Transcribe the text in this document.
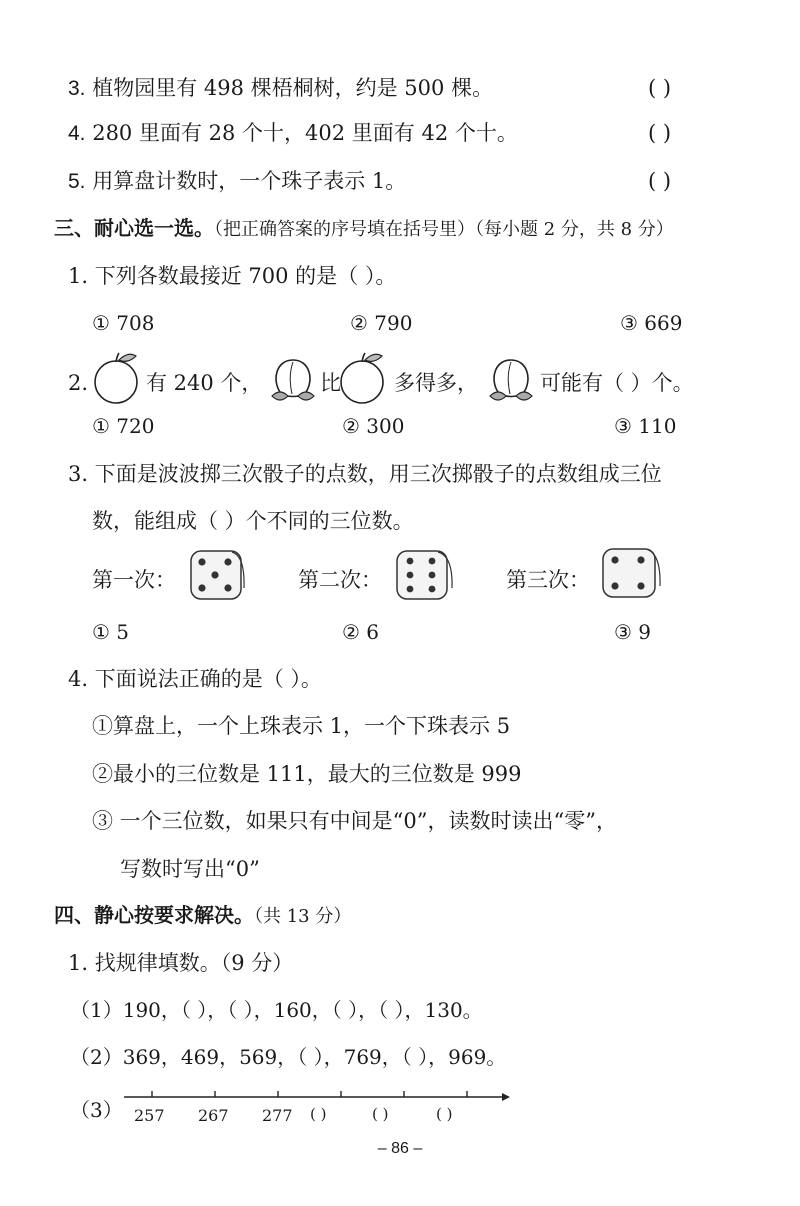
3. 植物园里有 498 棵梧桐树，约是 500 棵。	( )
4. 280 里面有 28 个十，402 里面有 42 个十。	( )
5. 用算盘计数时，一个珠子表示 1。	( )
三、耐心选一选。（把正确答案的序号填在括号里）（每小题 2 分，共 8 分）
1. 下列各数最接近 700 的是（ ）。
① 708	② 790	③ 669
2.	有 240 个，	比	多得多，	可能有（ ）个。
① 720	② 300	③ 110
3. 下面是波波掷三次骰子的点数，用三次掷骰子的点数组成三位
数，能组成（ ）个不同的三位数。
第一次：	第二次：	第三次：
① 5	② 6	③ 9
4. 下面说法正确的是（ ）。
①算盘上，一个上珠表示 1，一个下珠表示 5
②最小的三位数是 111，最大的三位数是 999
③ 一个三位数，如果只有中间是“0”，读数时读出“零”，
写数时写出“0”
四、静心按要求解决。（共 13 分）
1. 找规律填数。（9 分）
（1）190，（ ），（ ），160，（ ），（ ），130。
（2）369，469，569，（ ），769，（ ），969。
（3） 257 267 277 ( )	( )	( )
– 86 –
